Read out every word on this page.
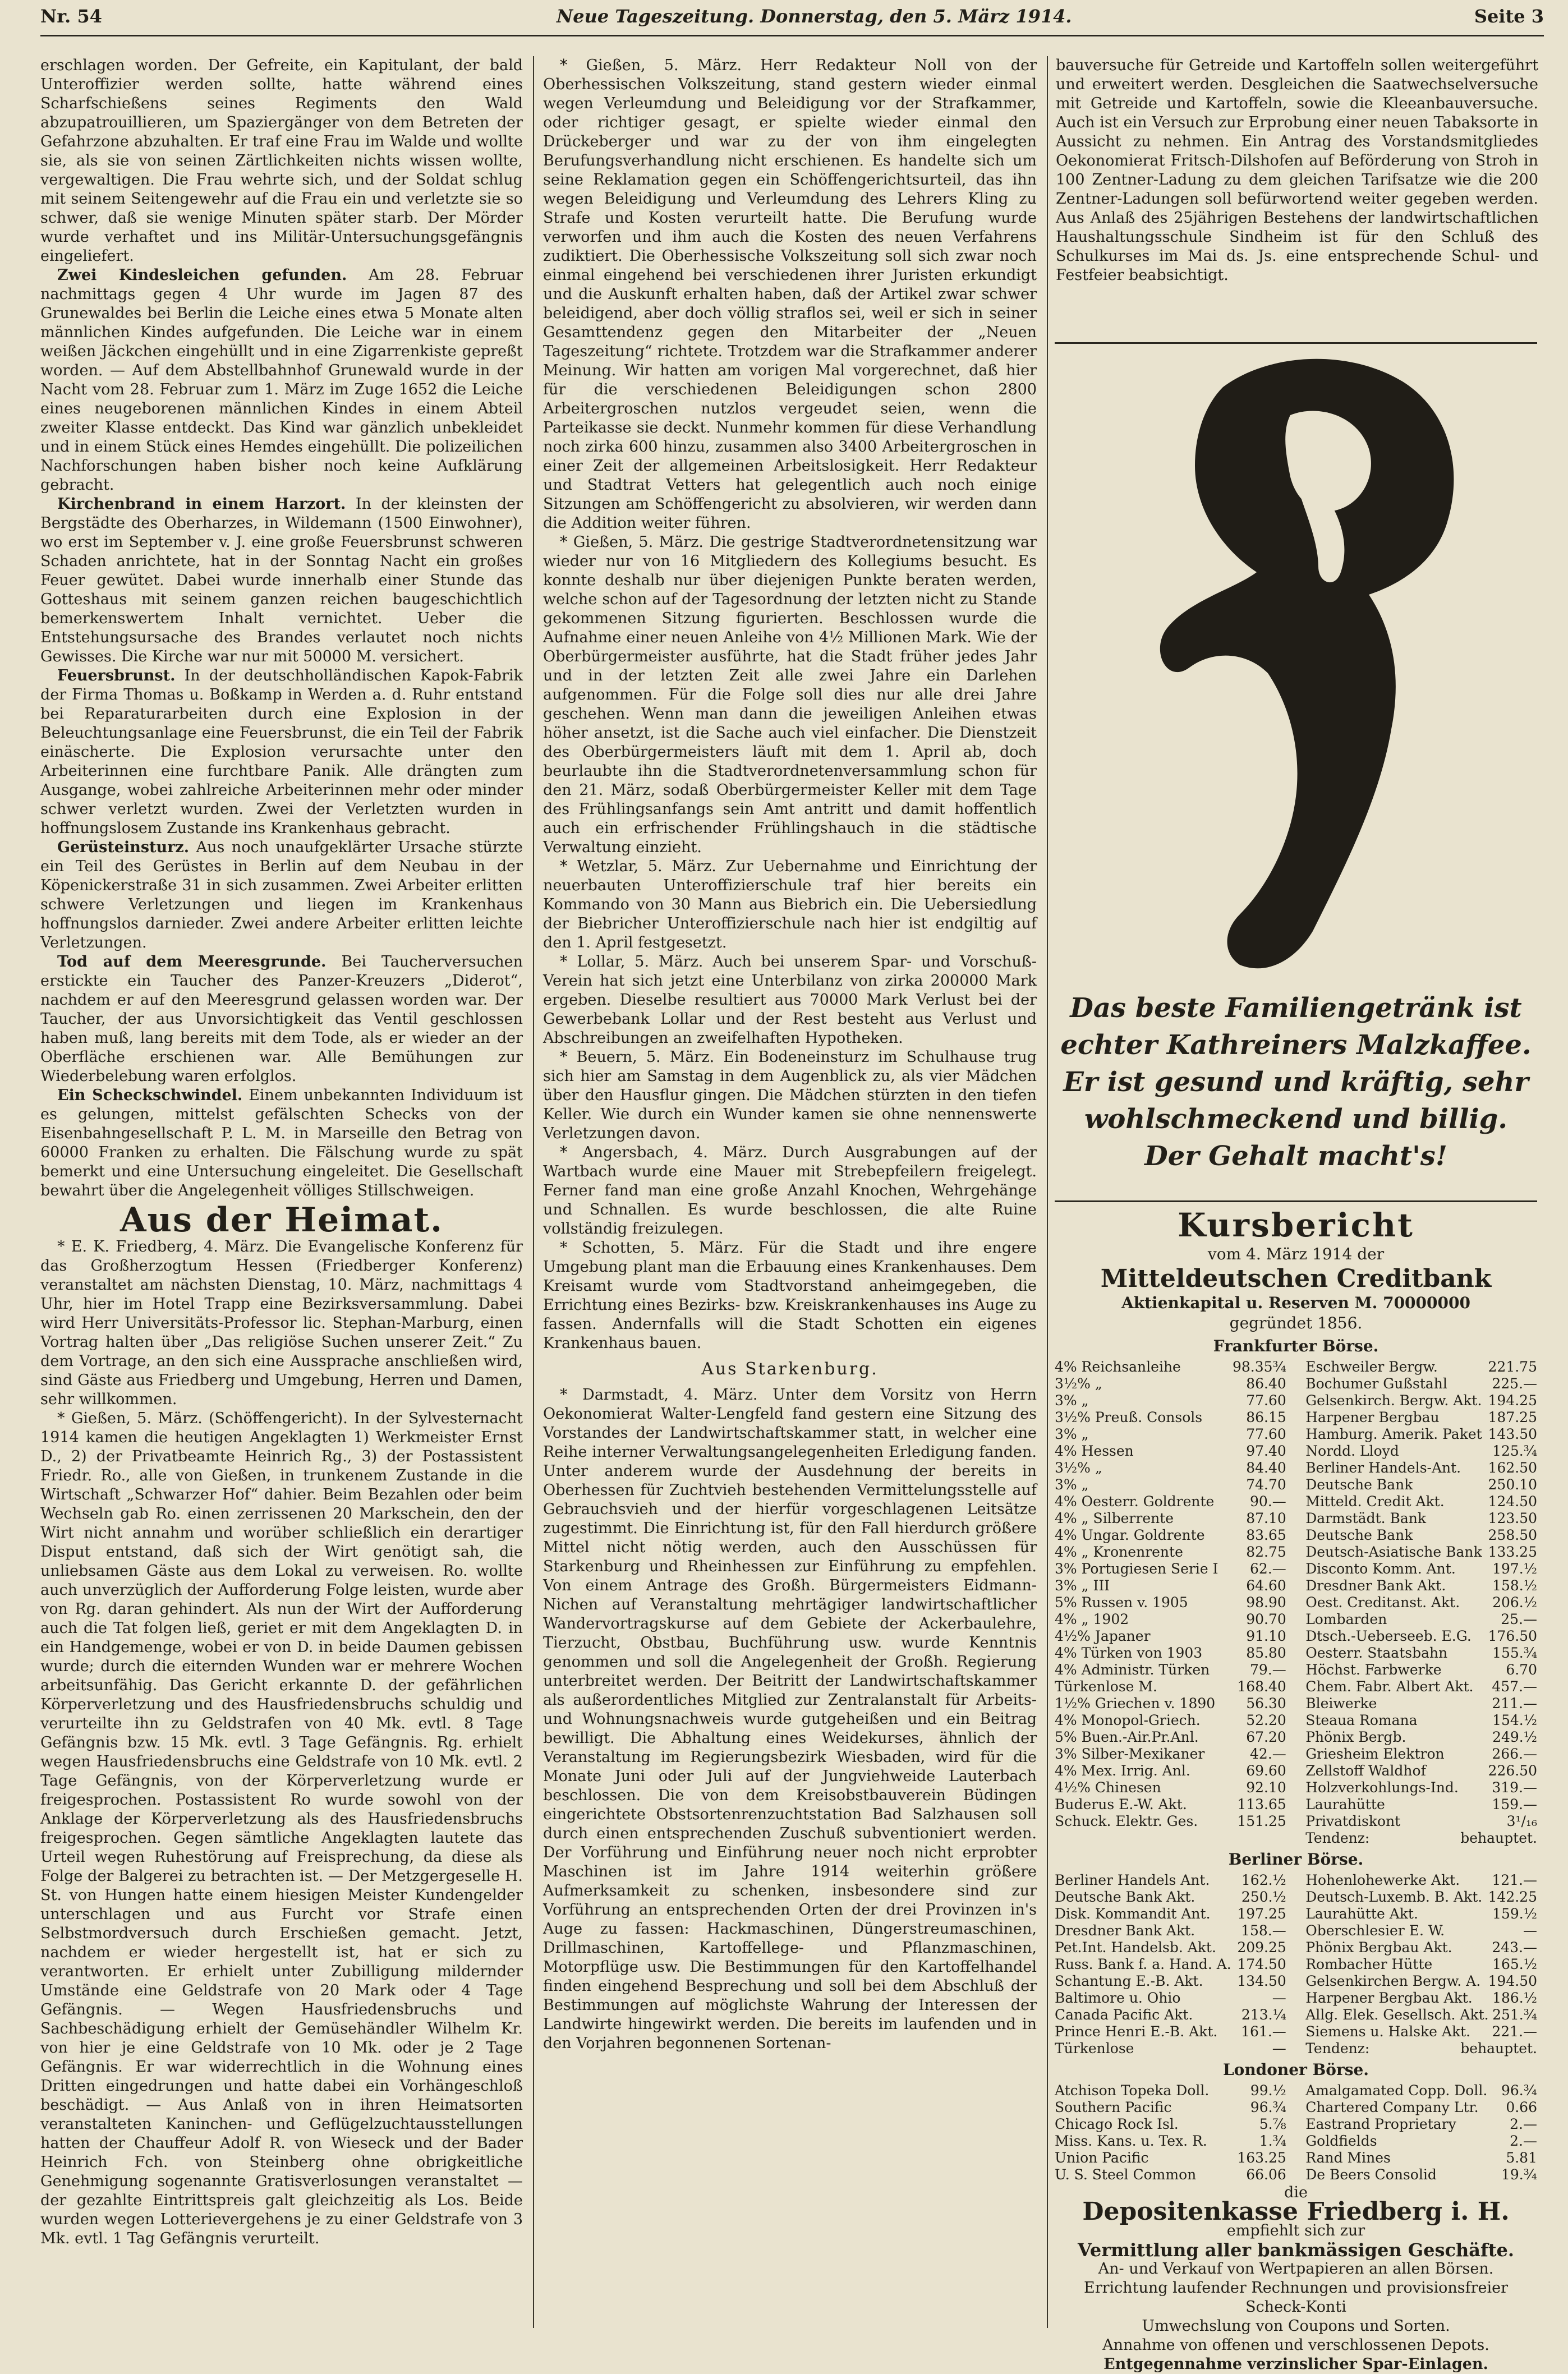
Nr. 54	Neue Tageszeitung. Donnerstag, den 5. März 1914.	Seite 3

erschlagen worden. Der Gefreite, ein Kapitulant, der bald Unteroffizier werden sollte, hatte während eines Scharfschießens seines Regiments den Wald abzupatrouillieren, um Spaziergänger von dem Betreten der Gefahrzone abzuhalten. Er traf eine Frau im Walde und wollte sie, als sie von seinen Zärtlichkeiten nichts wissen wollte, vergewaltigen. Die Frau wehrte sich, und der Soldat schlug mit seinem Seitengewehr auf die Frau ein und verletzte sie so schwer, daß sie wenige Minuten später starb. Der Mörder wurde verhaftet und ins Militär-Untersuchungsgefängnis eingeliefert.

Zwei Kindesleichen gefunden. Am 28. Februar nachmittags gegen 4 Uhr wurde im Jagen 87 des Grunewaldes bei Berlin die Leiche eines etwa 5 Monate alten männlichen Kindes aufgefunden. Die Leiche war in einem weißen Jäckchen eingehüllt und in eine Zigarrenkiste gepreßt worden. — Auf dem Abstellbahnhof Grunewald wurde in der Nacht vom 28. Februar zum 1. März im Zuge 1652 die Leiche eines neugeborenen männlichen Kindes in einem Abteil zweiter Klasse entdeckt. Das Kind war gänzlich unbekleidet und in einem Stück eines Hemdes eingehüllt. Die polizeilichen Nachforschungen haben bisher noch keine Aufklärung gebracht.

Kirchenbrand in einem Harzort. In der kleinsten der Bergstädte des Oberharzes, in Wildemann (1500 Einwohner), wo erst im September v. J. eine große Feuersbrunst schweren Schaden anrichtete, hat in der Sonntag Nacht ein großes Feuer gewütet. Dabei wurde innerhalb einer Stunde das Gotteshaus mit seinem ganzen reichen baugeschichtlich bemerkenswertem Inhalt vernichtet. Ueber die Entstehungsursache des Brandes verlautet noch nichts Gewisses. Die Kirche war nur mit 50000 M. versichert.

Feuersbrunst. In der deutschholländischen Kapok-Fabrik der Firma Thomas u. Boßkamp in Werden a. d. Ruhr entstand bei Reparaturarbeiten durch eine Explosion in der Beleuchtungsanlage eine Feuersbrunst, die ein Teil der Fabrik einäscherte. Die Explosion verursachte unter den Arbeiterinnen eine furchtbare Panik. Alle drängten zum Ausgange, wobei zahlreiche Arbeiterinnen mehr oder minder schwer verletzt wurden. Zwei der Verletzten wurden in hoffnungslosem Zustande ins Krankenhaus gebracht.

Gerüsteinsturz. Aus noch unaufgeklärter Ursache stürzte ein Teil des Gerüstes in Berlin auf dem Neubau in der Köpenickerstraße 31 in sich zusammen. Zwei Arbeiter erlitten schwere Verletzungen und liegen im Krankenhaus hoffnungslos darnieder. Zwei andere Arbeiter erlitten leichte Verletzungen.

Tod auf dem Meeresgrunde. Bei Taucherversuchen erstickte ein Taucher des Panzer-Kreuzers „Diderot“, nachdem er auf den Meeresgrund gelassen worden war. Der Taucher, der aus Unvorsichtigkeit das Ventil geschlossen haben muß, lang bereits mit dem Tode, als er wieder an der Oberfläche erschienen war. Alle Bemühungen zur Wiederbelebung waren erfolglos.

Ein Scheckschwindel. Einem unbekannten Individuum ist es gelungen, mittelst gefälschten Schecks von der Eisenbahngesellschaft P. L. M. in Marseille den Betrag von 60000 Franken zu erhalten. Die Fälschung wurde zu spät bemerkt und eine Untersuchung eingeleitet. Die Gesellschaft bewahrt über die Angelegenheit völliges Stillschweigen.

Aus der Heimat.

* E. K. Friedberg, 4. März. Die Evangelische Konferenz für das Großherzogtum Hessen (Friedberger Konferenz) veranstaltet am nächsten Dienstag, 10. März, nachmittags 4 Uhr, hier im Hotel Trapp eine Bezirksversammlung. Dabei wird Herr Universitäts-Professor lic. Stephan-Marburg, einen Vortrag halten über „Das religiöse Suchen unserer Zeit.“ Zu dem Vortrage, an den sich eine Aussprache anschließen wird, sind Gäste aus Friedberg und Umgebung, Herren und Damen, sehr willkommen.

* Gießen, 5. März. (Schöffengericht). In der Sylvesternacht 1914 kamen die heutigen Angeklagten 1) Werkmeister Ernst D., 2) der Privatbeamte Heinrich Rg., 3) der Postassistent Friedr. Ro., alle von Gießen, in trunkenem Zustande in die Wirtschaft „Schwarzer Hof“ dahier. Beim Bezahlen oder beim Wechseln gab Ro. einen zerrissenen 20 Markschein, den der Wirt nicht annahm und worüber schließlich ein derartiger Disput entstand, daß sich der Wirt genötigt sah, die unliebsamen Gäste aus dem Lokal zu verweisen. Ro. wollte auch unverzüglich der Aufforderung Folge leisten, wurde aber von Rg. daran gehindert. Als nun der Wirt der Aufforderung auch die Tat folgen ließ, geriet er mit dem Angeklagten D. in ein Handgemenge, wobei er von D. in beide Daumen gebissen wurde; durch die eiternden Wunden war er mehrere Wochen arbeitsunfähig. Das Gericht erkannte D. der gefährlichen Körperverletzung und des Hausfriedensbruchs schuldig und verurteilte ihn zu Geldstrafen von 40 Mk. evtl. 8 Tage Gefängnis bzw. 15 Mk. evtl. 3 Tage Gefängnis. Rg. erhielt wegen Hausfriedensbruchs eine Geldstrafe von 10 Mk. evtl. 2 Tage Gefängnis, von der Körperverletzung wurde er freigesprochen. Postassistent Ro wurde sowohl von der Anklage der Körperverletzung als des Hausfriedensbruchs freigesprochen. Gegen sämtliche Angeklagten lautete das Urteil wegen Ruhestörung auf Freisprechung, da diese als Folge der Balgerei zu betrachten ist. — Der Metzgergeselle H. St. von Hungen hatte einem hiesigen Meister Kundengelder unterschlagen und aus Furcht vor Strafe einen Selbstmordversuch durch Erschießen gemacht. Jetzt, nachdem er wieder hergestellt ist, hat er sich zu verantworten. Er erhielt unter Zubilligung mildernder Umstände eine Geldstrafe von 20 Mark oder 4 Tage Gefängnis. — Wegen Hausfriedensbruchs und Sachbeschädigung erhielt der Gemüsehändler Wilhelm Kr. von hier je eine Geldstrafe von 10 Mk. oder je 2 Tage Gefängnis. Er war widerrechtlich in die Wohnung eines Dritten eingedrungen und hatte dabei ein Vorhängeschloß beschädigt. — Aus Anlaß von in ihren Heimatsorten veranstalteten Kaninchen- und Geflügelzuchtausstellungen hatten der Chauffeur Adolf R. von Wieseck und der Bader Heinrich Fch. von Steinberg ohne obrigkeitliche Genehmigung sogenannte Gratisverlosungen veranstaltet — der gezahlte Eintrittspreis galt gleichzeitig als Los. Beide wurden wegen Lotterievergehens je zu einer Geldstrafe von 3 Mk. evtl. 1 Tag Gefängnis verurteilt.

* Gießen, 5. März. Herr Redakteur Noll von der Oberhessischen Volkszeitung, stand gestern wieder einmal wegen Verleumdung und Beleidigung vor der Strafkammer, oder richtiger gesagt, er spielte wieder einmal den Drückeberger und war zu der von ihm eingelegten Berufungsverhandlung nicht erschienen. Es handelte sich um seine Reklamation gegen ein Schöffengerichtsurteil, das ihn wegen Beleidigung und Verleumdung des Lehrers Kling zu Strafe und Kosten verurteilt hatte. Die Berufung wurde verworfen und ihm auch die Kosten des neuen Verfahrens zudiktiert. Die Oberhessische Volkszeitung soll sich zwar noch einmal eingehend bei verschiedenen ihrer Juristen erkundigt und die Auskunft erhalten haben, daß der Artikel zwar schwer beleidigend, aber doch völlig straflos sei, weil er sich in seiner Gesamttendenz gegen den Mitarbeiter der „Neuen Tageszeitung“ richtete. Trotzdem war die Strafkammer anderer Meinung. Wir hatten am vorigen Mal vorgerechnet, daß hier für die verschiedenen Beleidigungen schon 2800 Arbeitergroschen nutzlos vergeudet seien, wenn die Parteikasse sie deckt. Nunmehr kommen für diese Verhandlung noch zirka 600 hinzu, zusammen also 3400 Arbeitergroschen in einer Zeit der allgemeinen Arbeitslosigkeit. Herr Redakteur und Stadtrat Vetters hat gelegentlich auch noch einige Sitzungen am Schöffengericht zu absolvieren, wir werden dann die Addition weiter führen.

* Gießen, 5. März. Die gestrige Stadtverordnetensitzung war wieder nur von 16 Mitgliedern des Kollegiums besucht. Es konnte deshalb nur über diejenigen Punkte beraten werden, welche schon auf der Tagesordnung der letzten nicht zu Stande gekommenen Sitzung figurierten. Beschlossen wurde die Aufnahme einer neuen Anleihe von 4½ Millionen Mark. Wie der Oberbürgermeister ausführte, hat die Stadt früher jedes Jahr und in der letzten Zeit alle zwei Jahre ein Darlehen aufgenommen. Für die Folge soll dies nur alle drei Jahre geschehen. Wenn man dann die jeweiligen Anleihen etwas höher ansetzt, ist die Sache auch viel einfacher. Die Dienstzeit des Oberbürgermeisters läuft mit dem 1. April ab, doch beurlaubte ihn die Stadtverordnetenversammlung schon für den 21. März, sodaß Oberbürgermeister Keller mit dem Tage des Frühlingsanfangs sein Amt antritt und damit hoffentlich auch ein erfrischender Frühlingshauch in die städtische Verwaltung einzieht.

* Wetzlar, 5. März. Zur Uebernahme und Einrichtung der neuerbauten Unteroffizierschule traf hier bereits ein Kommando von 30 Mann aus Biebrich ein. Die Uebersiedlung der Biebricher Unteroffizierschule nach hier ist endgiltig auf den 1. April festgesetzt.

* Lollar, 5. März. Auch bei unserem Spar- und Vorschuß-Verein hat sich jetzt eine Unterbilanz von zirka 200000 Mark ergeben. Dieselbe resultiert aus 70000 Mark Verlust bei der Gewerbebank Lollar und der Rest besteht aus Verlust und Abschreibungen an zweifelhaften Hypotheken.

* Beuern, 5. März. Ein Bodeneinsturz im Schulhause trug sich hier am Samstag in dem Augenblick zu, als vier Mädchen über den Hausflur gingen. Die Mädchen stürzten in den tiefen Keller. Wie durch ein Wunder kamen sie ohne nennenswerte Verletzungen davon.

* Angersbach, 4. März. Durch Ausgrabungen auf der Wartbach wurde eine Mauer mit Strebepfeilern freigelegt. Ferner fand man eine große Anzahl Knochen, Wehrgehänge und Schnallen. Es wurde beschlossen, die alte Ruine vollständig freizulegen.

* Schotten, 5. März. Für die Stadt und ihre engere Umgebung plant man die Erbauung eines Krankenhauses. Dem Kreisamt wurde vom Stadtvorstand anheimgegeben, die Errichtung eines Bezirks- bzw. Kreiskrankenhauses ins Auge zu fassen. Andernfalls will die Stadt Schotten ein eigenes Krankenhaus bauen.

Aus Starkenburg.

* Darmstadt, 4. März. Unter dem Vorsitz von Herrn Oekonomierat Walter-Lengfeld fand gestern eine Sitzung des Vorstandes der Landwirtschaftskammer statt, in welcher eine Reihe interner Verwaltungsangelegenheiten Erledigung fanden. Unter anderem wurde der Ausdehnung der bereits in Oberhessen für Zuchtvieh bestehenden Vermittelungsstelle auf Gebrauchsvieh und der hierfür vorgeschlagenen Leitsätze zugestimmt. Die Einrichtung ist, für den Fall hierdurch größere Mittel nicht nötig werden, auch den Ausschüssen für Starkenburg und Rheinhessen zur Einführung zu empfehlen. Von einem Antrage des Großh. Bürgermeisters Eidmann-Nichen auf Veranstaltung mehrtägiger landwirtschaftlicher Wandervortragskurse auf dem Gebiete der Ackerbaulehre, Tierzucht, Obstbau, Buchführung usw. wurde Kenntnis genommen und soll die Angelegenheit der Großh. Regierung unterbreitet werden. Der Beitritt der Landwirtschaftskammer als außerordentliches Mitglied zur Zentralanstalt für Arbeits- und Wohnungsnachweis wurde gutgeheißen und ein Beitrag bewilligt. Die Abhaltung eines Weidekurses, ähnlich der Veranstaltung im Regierungsbezirk Wiesbaden, wird für die Monate Juni oder Juli auf der Jungviehweide Lauterbach beschlossen. Die von dem Kreisobstbauverein Büdingen eingerichtete Obstsortenrenzuchtstation Bad Salzhausen soll durch einen entsprechenden Zuschuß subventioniert werden. Der Vorführung und Einführung neuer noch nicht erprobter Maschinen ist im Jahre 1914 weiterhin größere Aufmerksamkeit zu schenken, insbesondere sind zur Vorführung an entsprechenden Orten der drei Provinzen in's Auge zu fassen: Hackmaschinen, Düngerstreumaschinen, Drillmaschinen, Kartoffellege- und Pflanzmaschinen, Motorpflüge usw. Die Bestimmungen für den Kartoffelhandel finden eingehend Besprechung und soll bei dem Abschluß der Bestimmungen auf möglichste Wahrung der Interessen der Landwirte hingewirkt werden. Die bereits im laufenden und in den Vorjahren begonnenen Sortenan-

bauversuche für Getreide und Kartoffeln sollen weitergeführt und erweitert werden. Desgleichen die Saatwechselversuche mit Getreide und Kartoffeln, sowie die Kleeanbauversuche. Auch ist ein Versuch zur Erprobung einer neuen Tabaksorte in Aussicht zu nehmen. Ein Antrag des Vorstandsmitgliedes Oekonomierat Fritsch-Dilshofen auf Beförderung von Stroh in 100 Zentner-Ladung zu dem gleichen Tarifsatze wie die 200 Zentner-Ladungen soll befürwortend weiter gegeben werden. Aus Anlaß des 25jährigen Bestehens der landwirtschaftlichen Haushaltungsschule Sindheim ist für den Schluß des Schulkurses im Mai ds. Js. eine entsprechende Schul- und Festfeier beabsichtigt.

Das beste Familiengetränk ist echter Kathreiners Malzkaffee. Er ist gesund und kräftig, sehr wohlschmeckend und billig. Der Gehalt macht's!
Kursbericht
vom 4. März 1914 der
Mitteldeutschen Creditbank
Aktienkapital u. Reserven M. 70000000
gegründet 1856.
Frankfurter Börse.
4% Reichsanleihe	98.35¾
3½% „	86.40
3% „	77.60
3½% Preuß. Consols	86.15
3% „	77.60
4% Hessen	97.40
3½% „	84.40
3% „	74.70
4% Oesterr. Goldrente	90.—
4% „ Silberrente	87.10
4% Ungar. Goldrente	83.65
4% „ Kronenrente	82.75
3% Portugiesen Serie I 62.—
3% „ III	64.60
5% Russen v. 1905	98.90
4% „ 1902	90.70
4½% Japaner	91.10
4% Türken von 1903	85.80
4% Administr. Türken	79.—
Türkenlose M.	168.40
1½% Griechen v. 1890 56.30
4% Monopol-Griech.	52.20
5% Buen.-Air.Pr.Anl.	67.20
3% Silber-Mexikaner	42.—
4% Mex. Irrig. Anl.	69.60
4½% Chinesen	92.10
Buderus E.-W. Akt.	113.65
Schuck. Elektr. Ges.	151.25
Eschweiler Bergw.	221.75
Bochumer Gußstahl	225.—
Gelsenkirch. Bergw. Akt. 194.25
Harpener Bergbau	187.25
Hamburg. Amerik. Paket 143.50
Nordd. Lloyd	125.¾
Berliner Handels-Ant. 162.50
Deutsche Bank	250.10
Mitteld. Credit Akt.	124.50
Darmstädt. Bank	123.50
Deutsche Bank	258.50
Deutsch-Asiatische Bank 133.25
Disconto Komm. Ant.	197.½
Dresdner Bank Akt.	158.½
Oest. Creditanst. Akt. 206.½
Lombarden	25.—
Dtsch.-Ueberseeb. E.G. 176.50
Oesterr. Staatsbahn	155.¾
Höchst. Farbwerke	6.70
Chem. Fabr. Albert Akt. 457.—
Bleiwerke	211.—
Steaua Romana	154.½
Phönix Bergb.	249.½
Griesheim Elektron	266.—
Zellstoff Waldhof	226.50
Holzverkohlungs-Ind. 319.—
Laurahütte	159.—
Privatdiskont	3¹/₁₆
Tendenz:	behauptet.
Berliner Börse.
Berliner Handels Ant. 162.½
Deutsche Bank Akt.	250.½
Disk. Kommandit Ant. 197.25
Dresdner Bank Akt.	158.—
Pet.Int. Handelsb. Akt. 209.25
Russ. Bank f. a. Hand. A. 174.50
Schantung E.-B. Akt. 134.50
Baltimore u. Ohio	—
Canada Pacific Akt.	213.¼
Prince Henri E.-B. Akt. 161.—
Türkenlose	—
Hohenlohewerke Akt. 121.—
Deutsch-Luxemb. B. Akt. 142.25
Laurahütte Akt.	159.½
Oberschlesier E. W.	—
Phönix Bergbau Akt.	243.—
Rombacher Hütte	165.½
Gelsenkirchen Bergw. A. 194.50
Harpener Bergbau Akt. 186.½
Allg. Elek. Gesellsch. Akt. 251.¾
Siemens u. Halske Akt. 221.—
Tendenz:	behauptet.
Londoner Börse.
Atchison Topeka Doll.	99.½
Southern Pacific	96.¾
Chicago Rock Isl.	5.⅞
Miss. Kans. u. Tex. R.	1.¾
Union Pacific	163.25
U. S. Steel Common	66.06
Amalgamated Copp. Doll. 96.¾
Chartered Company Ltr. 0.66
Eastrand Proprietary	2.—
Goldfields	2.—
Rand Mines	5.81
De Beers Consolid	19.¾
die
Depositenkasse Friedberg i. H.
empfiehlt sich zur
Vermittlung aller bankmässigen Geschäfte.
An- und Verkauf von Wertpapieren an allen Börsen.
Errichtung laufender Rechnungen und provisionsfreier Scheck-Konti
Umwechslung von Coupons und Sorten.
Annahme von offenen und verschlossenen Depots.
Entgegennahme verzinslicher Spar-Einlagen.
